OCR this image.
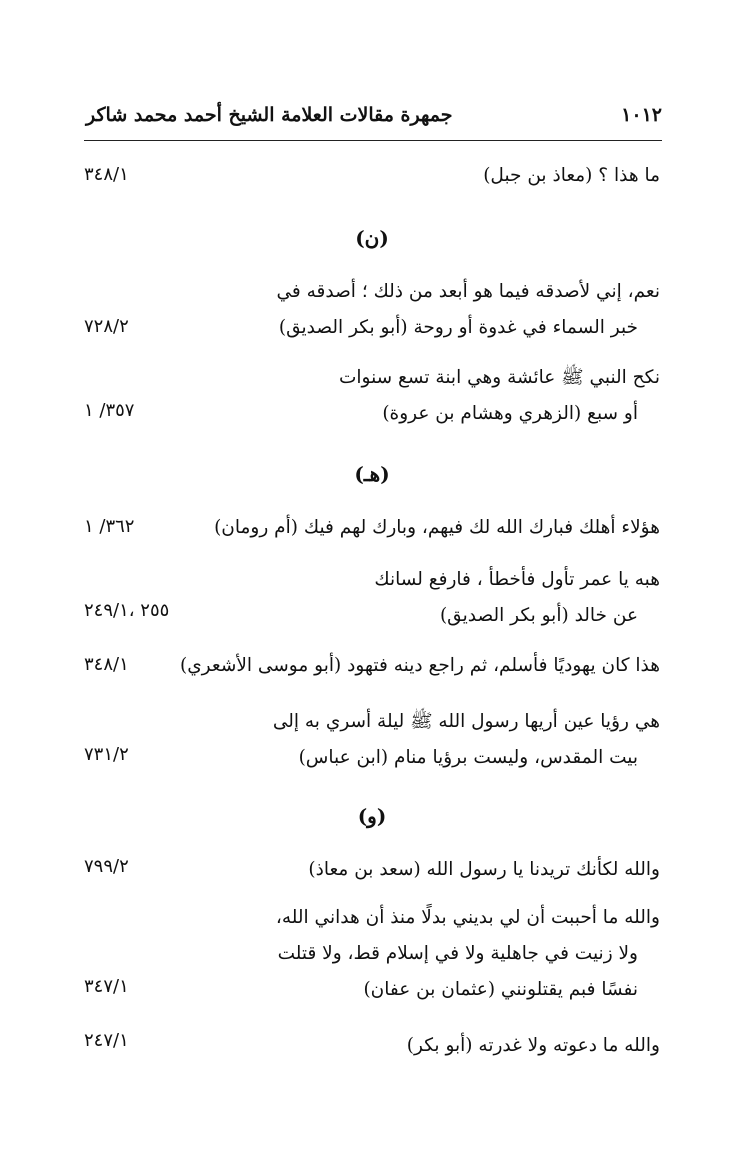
جمهرة مقالات العلامة الشيخ أحمد محمد شاكر	١٠١٢
ما هذا ؟ (معاذ بن جبل)
٣٤٨/١
(ن)
نعم، إني لأصدقه فيما هو أبعد من ذلك ؛ أصدقه في
خبر السماء في غدوة أو روحة (أبو بكر الصديق)
٧٢٨/٢
نكح النبي ﷺ عائشة وهي ابنة تسع سنوات
أو سبع (الزهري وهشام بن عروة)
٣٥٧/ ١
(هـ)
هؤلاء أهلك فبارك الله لك فيهم، وبارك لهم فيك (أم رومان)
٣٦٢/ ١
هبه يا عمر تأول فأخطأ ، فارفع لسانك
عن خالد (أبو بكر الصديق)
٢٥٥ ،٢٤٩/١
هذا كان يهوديًا فأسلم، ثم راجع دينه فتهود (أبو موسى الأشعري)
٣٤٨/١
هي رؤيا عين أريها رسول الله ﷺ ليلة أسري به إلى
بيت المقدس، وليست برؤيا منام (ابن عباس)
٧٣١/٢
(و)
والله لكأنك تريدنا يا رسول الله (سعد بن معاذ)
٧٩٩/٢
والله ما أحببت أن لي بديني بدلًا منذ أن هداني الله،
ولا زنيت في جاهلية ولا في إسلام قط، ولا قتلت
نفسًا فبم يقتلونني (عثمان بن عفان)
٣٤٧/١
والله ما دعوته ولا غدرته (أبو بكر)
٢٤٧/١
